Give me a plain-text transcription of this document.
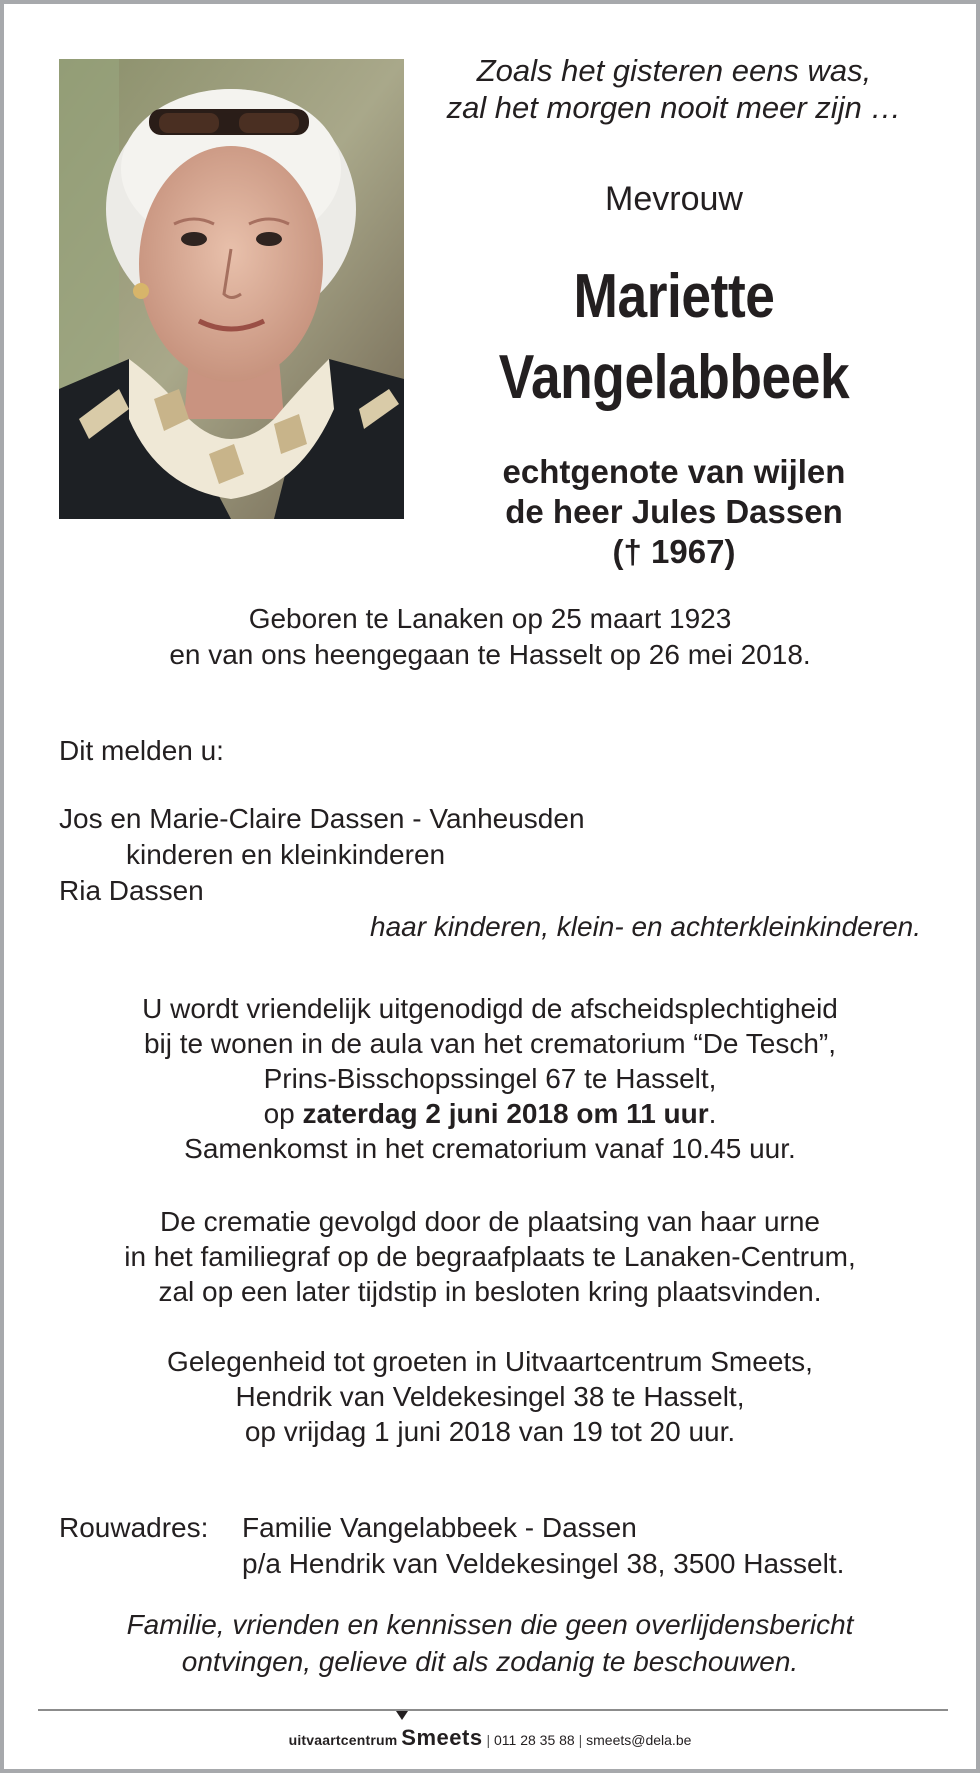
Zoals het gisteren eens was,
zal het morgen nooit meer zijn …
Mevrouw
Mariette
Vangelabbeek
echtgenote van wijlen
de heer Jules Dassen
(† 1967)
Geboren te Lanaken op 25 maart 1923
en van ons heengegaan te Hasselt op 26 mei 2018.
Dit melden u:
Jos en Marie-Claire Dassen - Vanheusden
kinderen en kleinkinderen
Ria Dassen
haar kinderen, klein- en achterkleinkinderen.
U wordt vriendelijk uitgenodigd de afscheidsplechtigheid
bij te wonen in de aula van het crematorium “De Tesch”,
Prins-Bisschopssingel 67 te Hasselt,
op zaterdag 2 juni 2018 om 11 uur.
Samenkomst in het crematorium vanaf 10.45 uur.
De crematie gevolgd door de plaatsing van haar urne
in het familiegraf op de begraafplaats te Lanaken-Centrum,
zal op een later tijdstip in besloten kring plaatsvinden.
Gelegenheid tot groeten in Uitvaartcentrum Smeets,
Hendrik van Veldekesingel 38 te Hasselt,
op vrijdag 1 juni 2018 van 19 tot 20 uur.
Rouwadres:	Familie Vangelabbeek - Dassen
p/a Hendrik van Veldekesingel 38, 3500 Hasselt.
Familie, vrienden en kennissen die geen overlijdensbericht
ontvingen, gelieve dit als zodanig te beschouwen.
uitvaartcentrum Smeets | 011 28 35 88 | smeets@dela.be
